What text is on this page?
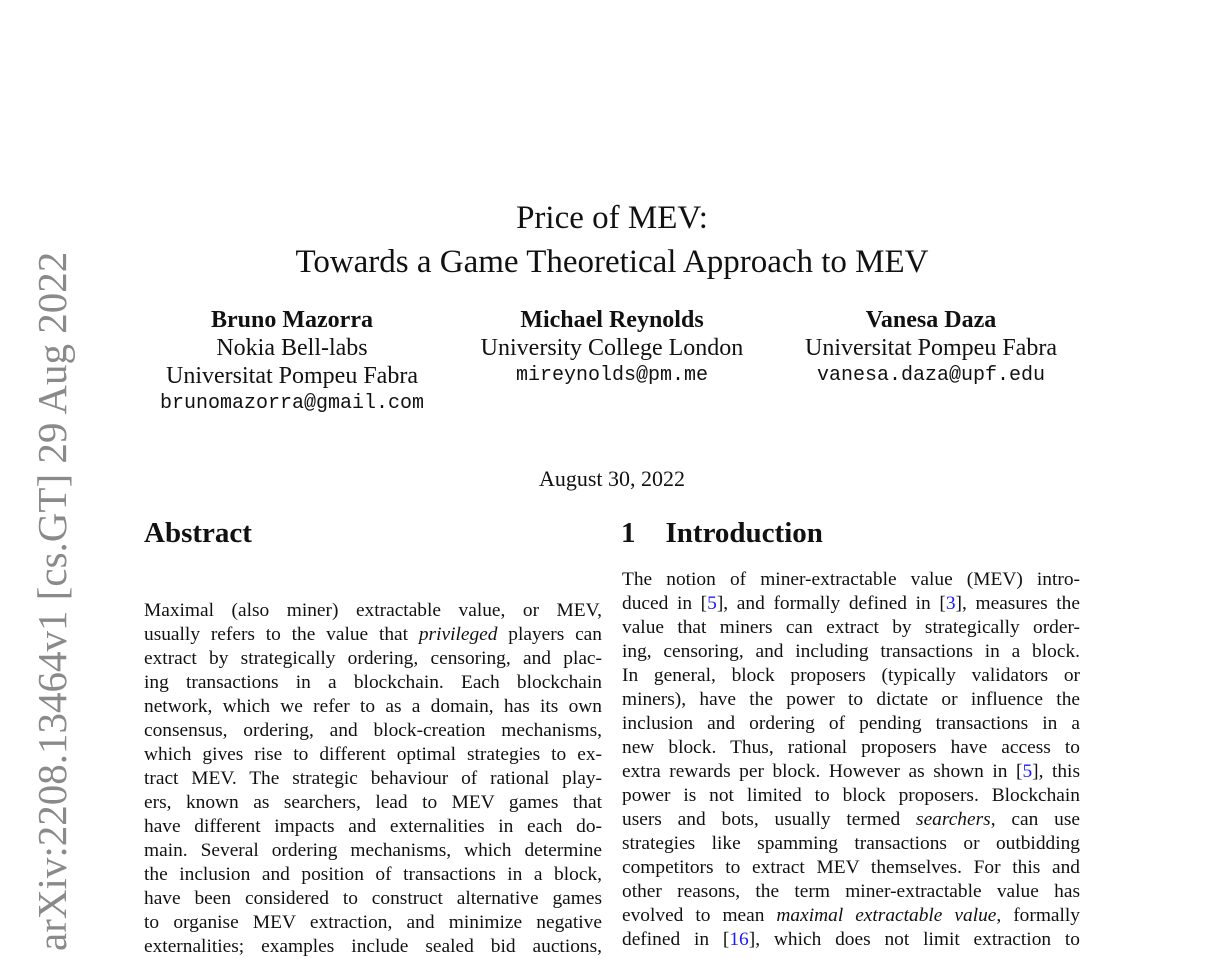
arXiv:2208.13464v1 [cs.GT] 29 Aug 2022
Price of MEV:
Towards a Game Theoretical Approach to MEV
Bruno Mazorra
Nokia Bell-labs
Universitat Pompeu Fabra
brunomazorra@gmail.com
Michael Reynolds
University College London
mireynolds@pm.me
Vanesa Daza
Universitat Pompeu Fabra
vanesa.daza@upf.edu
August 30, 2022
Abstract	1 Introduction
Maximal (also miner) extractable value, or MEV,
usually refers to the value that privileged players can
extract by strategically ordering, censoring, and plac-
ing transactions in a blockchain. Each blockchain
network, which we refer to as a domain, has its own
consensus, ordering, and block-creation mechanisms,
which gives rise to different optimal strategies to ex-
tract MEV. The strategic behaviour of rational play-
ers, known as searchers, lead to MEV games that
have different impacts and externalities in each do-
main. Several ordering mechanisms, which determine
the inclusion and position of transactions in a block,
have been considered to construct alternative games
to organise MEV extraction, and minimize negative
externalities; examples include sealed bid auctions,
The notion of miner-extractable value (MEV) intro-
duced in [5], and formally defined in [3], measures the
value that miners can extract by strategically order-
ing, censoring, and including transactions in a block.
In general, block proposers (typically validators or
miners), have the power to dictate or influence the
inclusion and ordering of pending transactions in a
new block. Thus, rational proposers have access to
extra rewards per block. However as shown in [5], this
power is not limited to block proposers. Blockchain
users and bots, usually termed searchers, can use
strategies like spamming transactions or outbidding
competitors to extract MEV themselves. For this and
other reasons, the term miner-extractable value has
evolved to mean maximal extractable value, formally
defined in [16], which does not limit extraction to
